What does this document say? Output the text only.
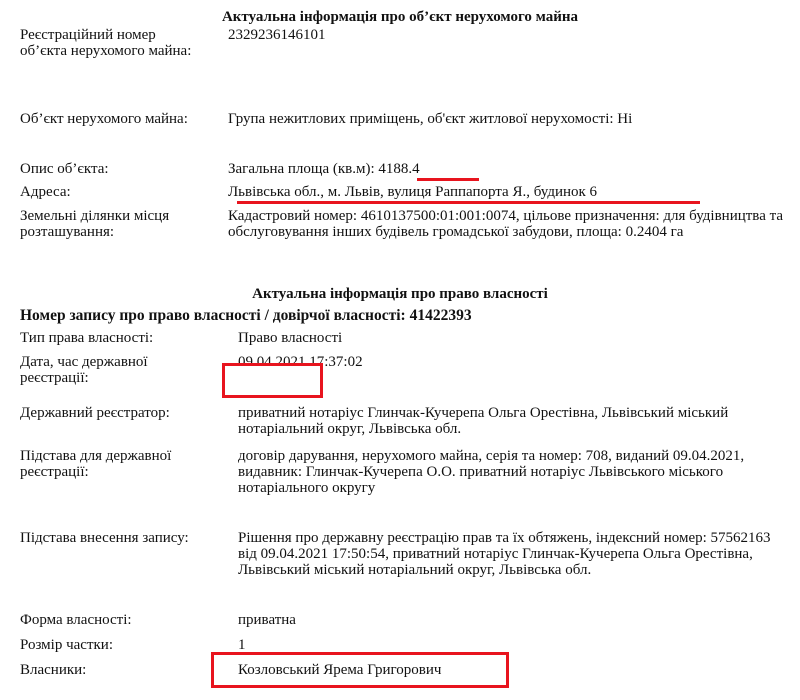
Актуальна інформація про об’єкт нерухомого майна
Реєстраційний номер об’єкта нерухомого майна:
2329236146101
Об’єкт нерухомого майна:	Група нежитлових приміщень, об'єкт житлової нерухомості: Ні
Опис об’єкта:	Загальна площа (кв.м): 4188.4
Адреса:	Львівська обл., м. Львів, вулиця Раппапорта Я., будинок 6
Земельні ділянки місця розташування:
Кадастровий номер: 4610137500:01:001:0074, цільове призначення: для будівництва та обслуговування інших будівель громадської забудови, площа: 0.2404 га
Актуальна інформація про право власності
Номер запису про право власності / довірчої власності: 41422393
Тип права власності:	Право власності
Дата, час державної реєстрації:
09.04.2021 17:37:02
Державний реєстратор:	приватний нотаріус Глинчак-Кучерепа Ольга Орестівна, Львівський міський нотаріальний округ, Львівська обл.
Підстава для державної реєстрації:
договір дарування, нерухомого майна, серія та номер: 708, виданий 09.04.2021, видавник: Глинчак-Кучерепа О.О. приватний нотаріус Львівського міського нотаріального округу
Підстава внесення запису:	Рішення про державну реєстрацію прав та їх обтяжень, індексний номер: 57562163 від 09.04.2021 17:50:54, приватний нотаріус Глинчак-Кучерепа Ольга Орестівна, Львівський міський нотаріальний округ, Львівська обл.
Форма власності:	приватна
Розмір частки:	1
Власники:	Козловський Ярема Григорович
